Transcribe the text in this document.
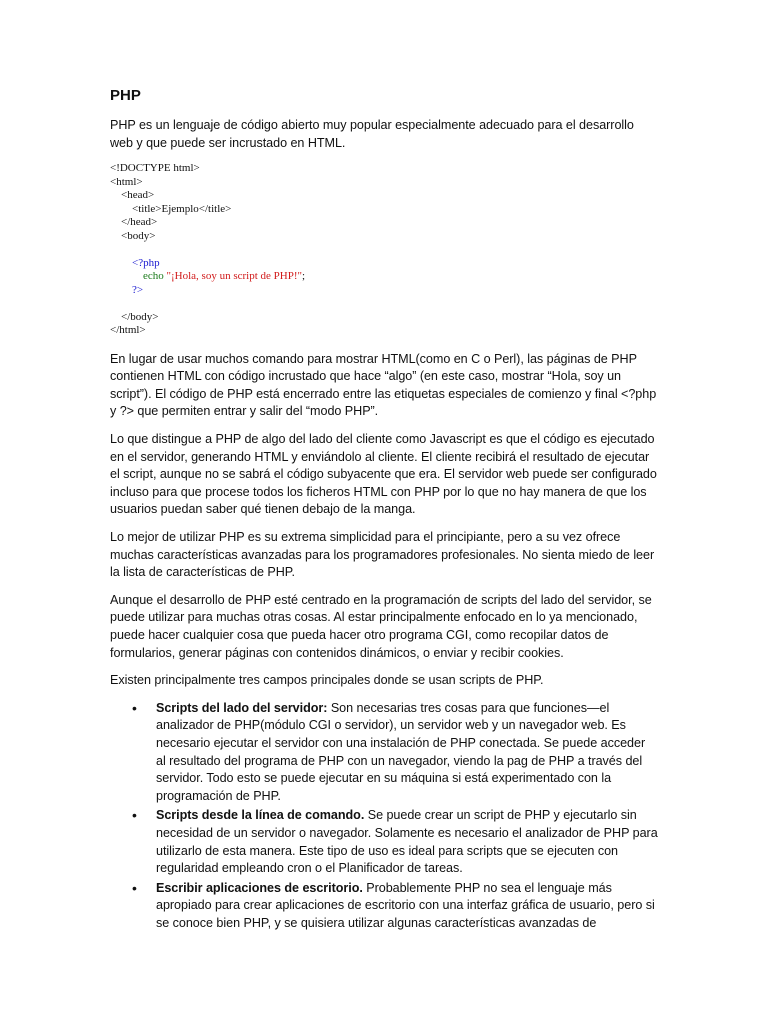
PHP
PHP es un lenguaje de código abierto muy popular especialmente adecuado para el desarrollo web y que puede ser incrustado en HTML.
<!DOCTYPE html>
<html>
<head>
<title>Ejemplo</title>
</head>
<body>
<?php
echo "¡Hola, soy un script de PHP!";
?>
</body>
</html>
En lugar de usar muchos comando para mostrar HTML(como en C o Perl), las páginas de PHP contienen HTML con código incrustado que hace “algo” (en este caso, mostrar “Hola, soy un script”). El código de PHP está encerrado entre las etiquetas especiales de comienzo y final <?php y ?> que permiten entrar y salir del “modo PHP”.
Lo que distingue a PHP de algo del lado del cliente como Javascript es que el código es ejecutado en el servidor, generando HTML y enviándolo al cliente. El cliente recibirá el resultado de ejecutar el script, aunque no se sabrá el código subyacente que era. El servidor web puede ser configurado incluso para que procese todos los ficheros HTML con PHP por lo que no hay manera de que los usuarios puedan saber qué tienen debajo de la manga.
Lo mejor de utilizar PHP es su extrema simplicidad para el principiante, pero a su vez ofrece muchas características avanzadas para los programadores profesionales. No sienta miedo de leer la lista de características de PHP.
Aunque el desarrollo de PHP esté centrado en la programación de scripts del lado del servidor, se puede utilizar para muchas otras cosas. Al estar principalmente enfocado en lo ya mencionado, puede hacer cualquier cosa que pueda hacer otro programa CGI, como recopilar datos de formularios, generar páginas con contenidos dinámicos, o enviar y recibir cookies.
Existen principalmente tres campos principales donde se usan scripts de PHP.
• Scripts del lado del servidor: Son necesarias tres cosas para que funciones—el analizador de PHP(módulo CGI o servidor), un servidor web y un navegador web. Es necesario ejecutar el servidor con una instalación de PHP conectada. Se puede acceder al resultado del programa de PHP con un navegador, viendo la pag de PHP a través del servidor. Todo esto se puede ejecutar en su máquina si está experimentado con la programación de PHP.
• Scripts desde la línea de comando. Se puede crear un script de PHP y ejecutarlo sin necesidad de un servidor o navegador. Solamente es necesario el analizador de PHP para utilizarlo de esta manera. Este tipo de uso es ideal para scripts que se ejecuten con regularidad empleando cron o el Planificador de tareas.
• Escribir aplicaciones de escritorio. Probablemente PHP no sea el lenguaje más apropiado para crear aplicaciones de escritorio con una interfaz gráfica de usuario, pero si se conoce bien PHP, y se quisiera utilizar algunas características avanzadas de
